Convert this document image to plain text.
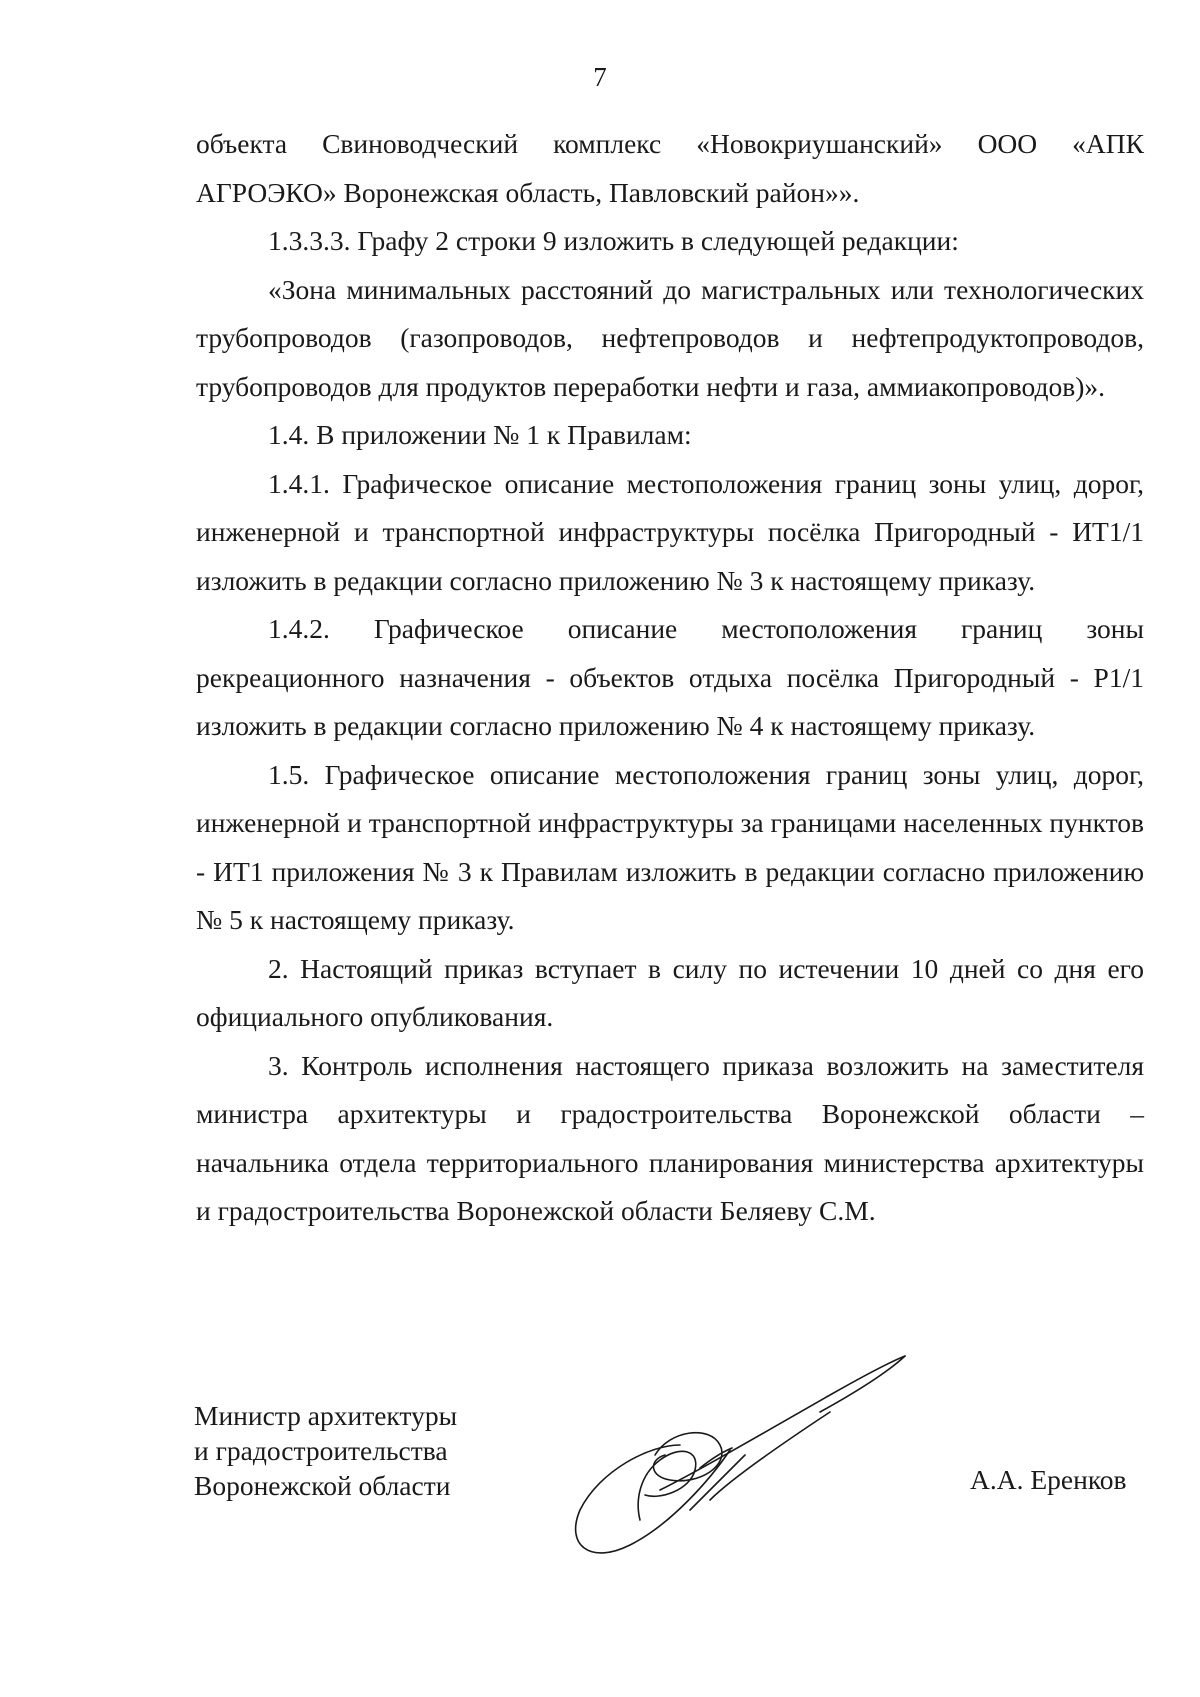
7

объекта Свиноводческий комплекс «Новокриушанский» ООО «АПК АГРОЭКО» Воронежская область, Павловский район»».

1.3.3.3. Графу 2 строки 9 изложить в следующей редакции:

«Зона минимальных расстояний до магистральных или технологических трубопроводов (газопроводов, нефтепроводов и нефтепродуктопроводов, трубопроводов для продуктов переработки нефти и газа, аммиакопроводов)».

1.4. В приложении № 1 к Правилам:

1.4.1. Графическое описание местоположения границ зоны улиц, дорог, инженерной и транспортной инфраструктуры посёлка Пригородный - ИТ1/1 изложить в редакции согласно приложению № 3 к настоящему приказу.

1.4.2. Графическое описание местоположения границ зоны рекреационного назначения - объектов отдыха посёлка Пригородный - Р1/1 изложить в редакции согласно приложению № 4 к настоящему приказу.

1.5. Графическое описание местоположения границ зоны улиц, дорог, инженерной и транспортной инфраструктуры за границами населенных пунктов - ИТ1 приложения № 3 к Правилам изложить в редакции согласно приложению № 5 к настоящему приказу.

2. Настоящий приказ вступает в силу по истечении 10 дней со дня его официального опубликования.

3. Контроль исполнения настоящего приказа возложить на заместителя министра архитектуры и градостроительства Воронежской области – начальника отдела территориального планирования министерства архитектуры и градостроительства Воронежской области Беляеву С.М.

Министр архитектуры
и градостроительства
Воронежской области	А.А. Еренков
